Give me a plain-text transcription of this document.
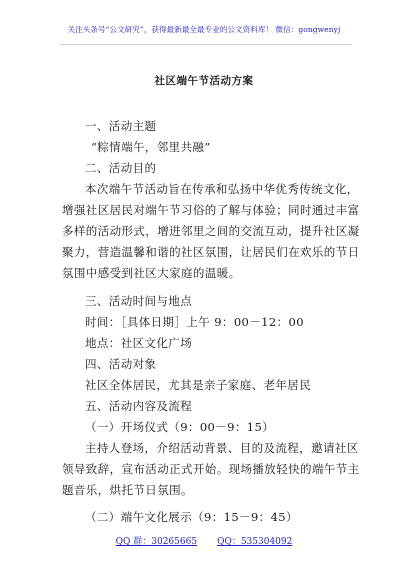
关注头条号“公文研究”，获得最新最全最专业的公文资料库！ 微信：gongwenyj
社区端午节活动方案
一、活动主题
“粽情端午，邻里共融”
二、活动目的
本次端午节活动旨在传承和弘扬中华优秀传统文化，
增强社区居民对端午节习俗的了解与体验；同时通过丰富
多样的活动形式，增进邻里之间的交流互动，提升社区凝
聚力，营造温馨和谐的社区氛围，让居民们在欢乐的节日
氛围中感受到社区大家庭的温暖。
三、活动时间与地点
时间：［具体日期］上午 9：00－12：00
地点：社区文化广场
四、活动对象
社区全体居民，尤其是亲子家庭、老年居民
五、活动内容及流程
（一）开场仪式（9：00－9：15）
主持人登场，介绍活动背景、目的及流程，邀请社区
领导致辞，宣布活动正式开始。现场播放轻快的端午节主
题音乐，烘托节日氛围。
（二）端午文化展示（9：15－9：45）
QQ 群：30265665 QQ：535304092
